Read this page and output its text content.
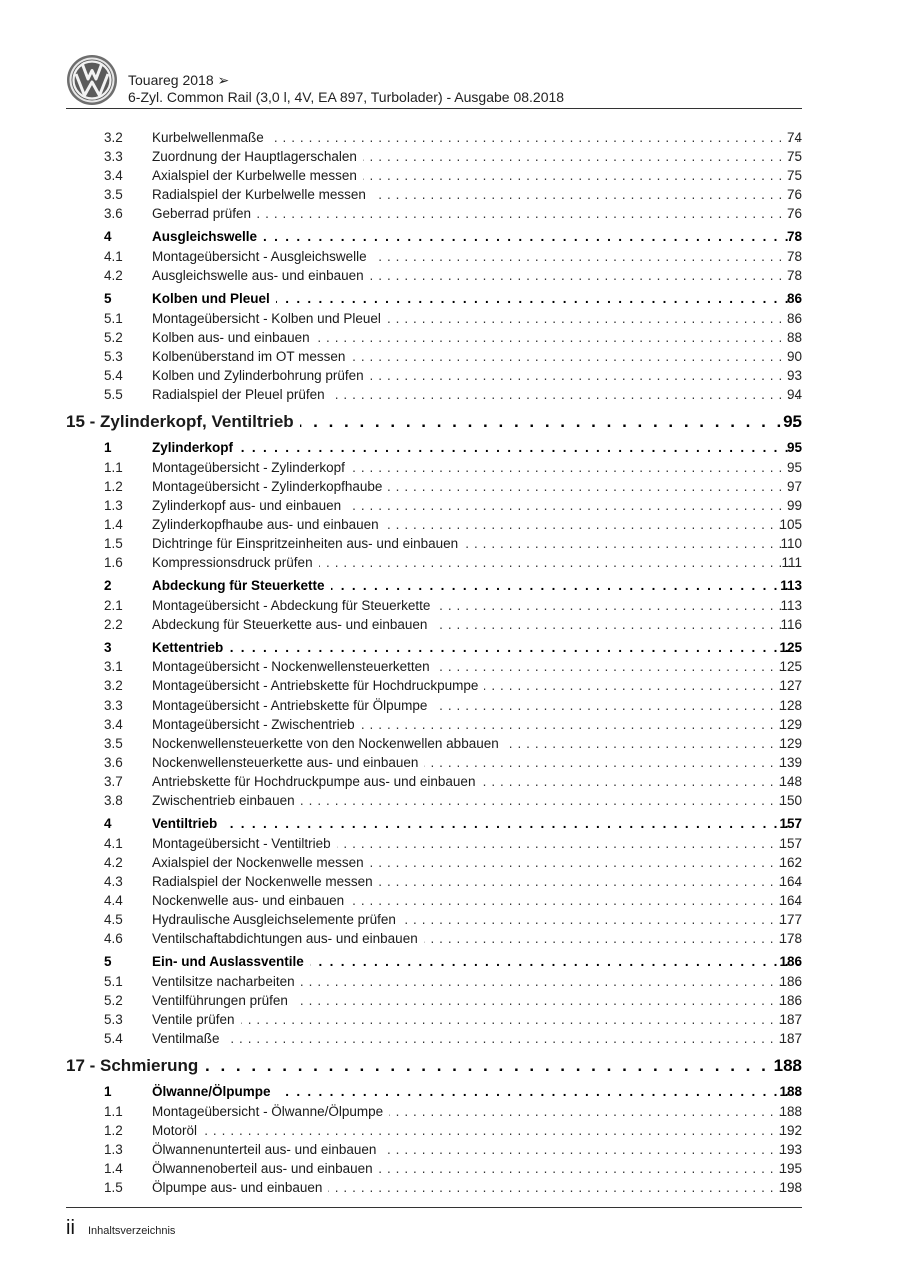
Touareg 2018 ➢
6-Zyl. Common Rail (3,0 l, 4V, EA 897, Turbolader) - Ausgabe 08.2018
3.2 Kurbelwellenmaße . . .	74
3.3 Zuordnung der Hauptlagerschalen . . .	75
3.4 Axialspiel der Kurbelwelle messen . . .	75
3.5 Radialspiel der Kurbelwelle messen . . .	76
3.6 Geberrad prüfen . . .	76
4	Ausgleichswelle . . .	78
4.1 Montageübersicht - Ausgleichswelle . . .	78
4.2 Ausgleichswelle aus- und einbauen . . .	78
5	Kolben und Pleuel . . .	86
5.1 Montageübersicht - Kolben und Pleuel . . .	86
5.2 Kolben aus- und einbauen . . .	88
5.3 Kolbenüberstand im OT messen . . .	90
5.4 Kolben und Zylinderbohrung prüfen . . .	93
5.5 Radialspiel der Pleuel prüfen . . .	94
15 - Zylinderkopf, Ventiltrieb . . .	95
1	Zylinderkopf . . .	95
1.1 Montageübersicht - Zylinderkopf . . .	95
1.2 Montageübersicht - Zylinderkopfhaube . . .	97
1.3 Zylinderkopf aus- und einbauen . . .	99
1.4 Zylinderkopfhaube aus- und einbauen . . .	105
1.5 Dichtringe für Einspritzeinheiten aus- und einbauen . . .	110
1.6 Kompressionsdruck prüfen . . .	111
2	Abdeckung für Steuerkette . . .	113
2.1 Montageübersicht - Abdeckung für Steuerkette . . .	113
2.2 Abdeckung für Steuerkette aus- und einbauen . . .	116
3	Kettentrieb . . .	125
3.1 Montageübersicht - Nockenwellensteuerketten . . .	125
3.2 Montageübersicht - Antriebskette für Hochdruckpumpe . . .	127
3.3 Montageübersicht - Antriebskette für Ölpumpe . . .	128
3.4 Montageübersicht - Zwischentrieb . . .	129
3.5 Nockenwellensteuerkette von den Nockenwellen abbauen . . .	129
3.6 Nockenwellensteuerkette aus- und einbauen . . .	139
3.7 Antriebskette für Hochdruckpumpe aus- und einbauen . . .	148
3.8 Zwischentrieb einbauen . . .	150
4	Ventiltrieb . . .	157
4.1 Montageübersicht - Ventiltrieb . . .	157
4.2 Axialspiel der Nockenwelle messen . . .	162
4.3 Radialspiel der Nockenwelle messen . . .	164
4.4 Nockenwelle aus- und einbauen . . .	164
4.5 Hydraulische Ausgleichselemente prüfen . . .	177
4.6 Ventilschaftabdichtungen aus- und einbauen . . .	178
5	Ein- und Auslassventile . . .	186
5.1 Ventilsitze nacharbeiten . . .	186
5.2 Ventilführungen prüfen . . .	186
5.3 Ventile prüfen . . .	187
5.4 Ventilmaße . . .	187
17 - Schmierung . . .	188
1	Ölwanne/Ölpumpe . . .	188
1.1 Montageübersicht - Ölwanne/Ölpumpe . . .	188
1.2 Motoröl . . .	192
1.3 Ölwannenunterteil aus- und einbauen . . .	193
1.4 Ölwannenoberteil aus- und einbauen . . .	195
1.5 Ölpumpe aus- und einbauen . . .	198
ii Inhaltsverzeichnis
